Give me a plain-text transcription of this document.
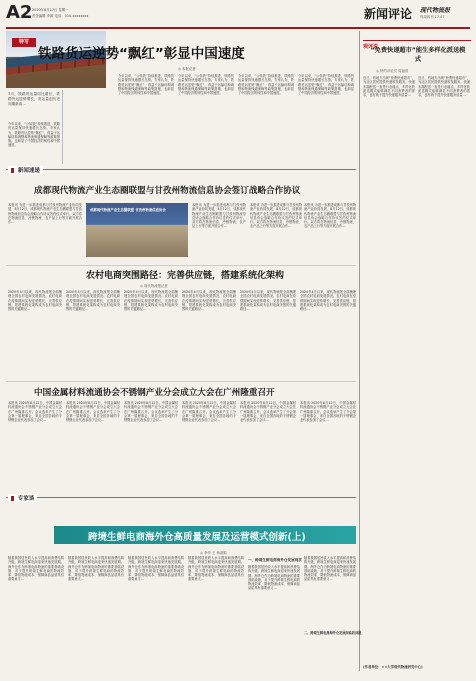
A2 2020年8月17日 星期一
责任编辑 李源 电话：010-xxxxxxxx	新闻评论 现代物流报
每周四刊 17-47
特写
铁路货运逆势“飘红”彰显中国速度
7月，铁路货运量同比增长，铁路货运逆势增长，发运量创历史同期新高…
今年以来，“公转铁”持续推进，铁路货运量保持快速增长态势。专家认为，铁路货运逆势“飘红”，得益于运输结构调整和物流保通保畅等政策措施，也彰显了中国经济的韧性和中国速度。
今年以来，“公转铁”持续推进，铁路货运量保持快速增长态势。专家认为，铁路货运逆势“飘红”，得益于运输结构调整和物流保通保畅等政策措施，也彰显了中国经济的韧性和中国速度。
◎ 本报记者
今年以来，“公转铁”持续推进，铁路货运量保持快速增长态势。专家认为，铁路货运逆势“飘红”，得益于运输结构调整和物流保通保畅等政策措施，也彰显了中国经济的韧性和中国速度。
今年以来，“公转铁”持续推进，铁路货运量保持快速增长态势。专家认为，铁路货运逆势“飘红”，得益于运输结构调整和物流保通保畅等政策措施，也彰显了中国经济的韧性和中国速度。
今年以来，“公转铁”持续推进，铁路货运量保持快速增长态势。专家认为，铁路货运逆势“飘红”，得益于运输结构调整和物流保通保畅等政策措施，也彰显了中国经济的韧性和中国速度。
观评说
“免费快递超市”能生多样化派送模式
◎ 特约评论员 周福成
近日，有地方出现“免费快递超市”，为社区居民提供快递收发服务。快递末端配送一直是行业痛点，多样化的派送模式能够满足不同消费者的需求，也有助于提升快递服务质量…
近日，有地方出现“免费快递超市”，为社区居民提供快递收发服务。快递末端配送一直是行业痛点，多样化的派送模式能够满足不同消费者的需求，也有助于提升快递服务质量…
新闻速递
成都现代物流产业生态圈联盟与甘孜州物流信息协会签订战略合作协议
本报讯 为进一步推进成都与甘孜州物流产业协同发展，8月12日，成都现代物流产业生态圈联盟与甘孜州物流信息协会战略合作协议签约仪式举行。双方将在物流信息、冷链物流、农产品上行等方面开展合作…
成都现代物流产业生态圈联盟 甘孜州物流信息协会
本报讯 为进一步推进成都与甘孜州物流产业协同发展，8月12日，成都现代物流产业生态圈联盟与甘孜州物流信息协会战略合作协议签约仪式举行。双方将在物流信息、冷链物流、农产品上行等方面开展合作…
本报讯 为进一步推进成都与甘孜州物流产业协同发展，8月12日，成都现代物流产业生态圈联盟与甘孜州物流信息协会战略合作协议签约仪式举行。双方将在物流信息、冷链物流、农产品上行等方面开展合作…
本报讯 为进一步推进成都与甘孜州物流产业协同发展，8月12日，成都现代物流产业生态圈联盟与甘孜州物流信息协会战略合作协议签约仪式举行。双方将在物流信息、冷链物流、农产品上行等方面开展合作…
农村电商突围路径：完善供应链，搭建系统化架构
◎ 现代物流报记者
2020年4月以来，现代物流报全面梳理全国农村电商发展情况。农村电商在疫情期间实现逆势增长，完善供应链、搭建系统化架构成为农村电商突围的关键路径…
2020年4月以来，现代物流报全面梳理全国农村电商发展情况。农村电商在疫情期间实现逆势增长，完善供应链、搭建系统化架构成为农村电商突围的关键路径…
2020年4月以来，现代物流报全面梳理全国农村电商发展情况。农村电商在疫情期间实现逆势增长，完善供应链、搭建系统化架构成为农村电商突围的关键路径…
2020年4月以来，现代物流报全面梳理全国农村电商发展情况。农村电商在疫情期间实现逆势增长，完善供应链、搭建系统化架构成为农村电商突围的关键路径…
2020年4月以来，现代物流报全面梳理全国农村电商发展情况。农村电商在疫情期间实现逆势增长，完善供应链、搭建系统化架构成为农村电商突围的关键路径…
2020年4月以来，现代物流报全面梳理全国农村电商发展情况。农村电商在疫情期间实现逆势增长，完善供应链、搭建系统化架构成为农村电商突围的关键路径…
中国金属材料流通协会不锈钢产业分会成立大会在广州隆重召开
本报讯 2020年8月12日，中国金属材料流通协会不锈钢产业分会成立大会在广州隆重召开。会议选举产生了分会第一届理事会，来自全国各地的不锈钢企业代表参加了会议…
本报讯 2020年8月12日，中国金属材料流通协会不锈钢产业分会成立大会在广州隆重召开。会议选举产生了分会第一届理事会，来自全国各地的不锈钢企业代表参加了会议…
本报讯 2020年8月12日，中国金属材料流通协会不锈钢产业分会成立大会在广州隆重召开。会议选举产生了分会第一届理事会，来自全国各地的不锈钢企业代表参加了会议…
本报讯 2020年8月12日，中国金属材料流通协会不锈钢产业分会成立大会在广州隆重召开。会议选举产生了分会第一届理事会，来自全国各地的不锈钢企业代表参加了会议…
本报讯 2020年8月12日，中国金属材料流通协会不锈钢产业分会成立大会在广州隆重召开。会议选举产生了分会第一届理事会，来自全国各地的不锈钢企业代表参加了会议…
本报讯 2020年8月12日，中国金属材料流通协会不锈钢产业分会成立大会在广州隆重召开。会议选举产生了分会第一届理事会，来自全国各地的不锈钢企业代表参加了会议…
专家谈
跨境生鲜电商海外仓高质量发展及运营模式创新(上)
◎ 李华 王 杨淑娟
随着我国居民收入水平提高和消费结构升级，跨境生鲜电商迎来快速发展期。海外仓作为跨境电商物流的重要基础设施，对于提升跨境生鲜电商的物流效率、降低物流成本、保障商品品质具有重要意义…
随着我国居民收入水平提高和消费结构升级，跨境生鲜电商迎来快速发展期。海外仓作为跨境电商物流的重要基础设施，对于提升跨境生鲜电商的物流效率、降低物流成本、保障商品品质具有重要意义…
随着我国居民收入水平提高和消费结构升级，跨境生鲜电商迎来快速发展期。海外仓作为跨境电商物流的重要基础设施，对于提升跨境生鲜电商的物流效率、降低物流成本、保障商品品质具有重要意义…
随着我国居民收入水平提高和消费结构升级，跨境生鲜电商迎来快速发展期。海外仓作为跨境电商物流的重要基础设施，对于提升跨境生鲜电商的物流效率、降低物流成本、保障商品品质具有重要意义…
一、跨境生鲜电商海外仓发展现状
随着我国居民收入水平提高和消费结构升级，跨境生鲜电商迎来快速发展期。海外仓作为跨境电商物流的重要基础设施，对于提升跨境生鲜电商的物流效率、降低物流成本、保障商品品质具有重要意义…
二、跨境生鲜电商海外仓发展面临的问题
随着我国居民收入水平提高和消费结构升级，跨境生鲜电商迎来快速发展期。海外仓作为跨境电商物流的重要基础设施，对于提升跨境生鲜电商的物流效率、降低物流成本、保障商品品质具有重要意义…
(作者单位：××大学现代物流研究中心)
